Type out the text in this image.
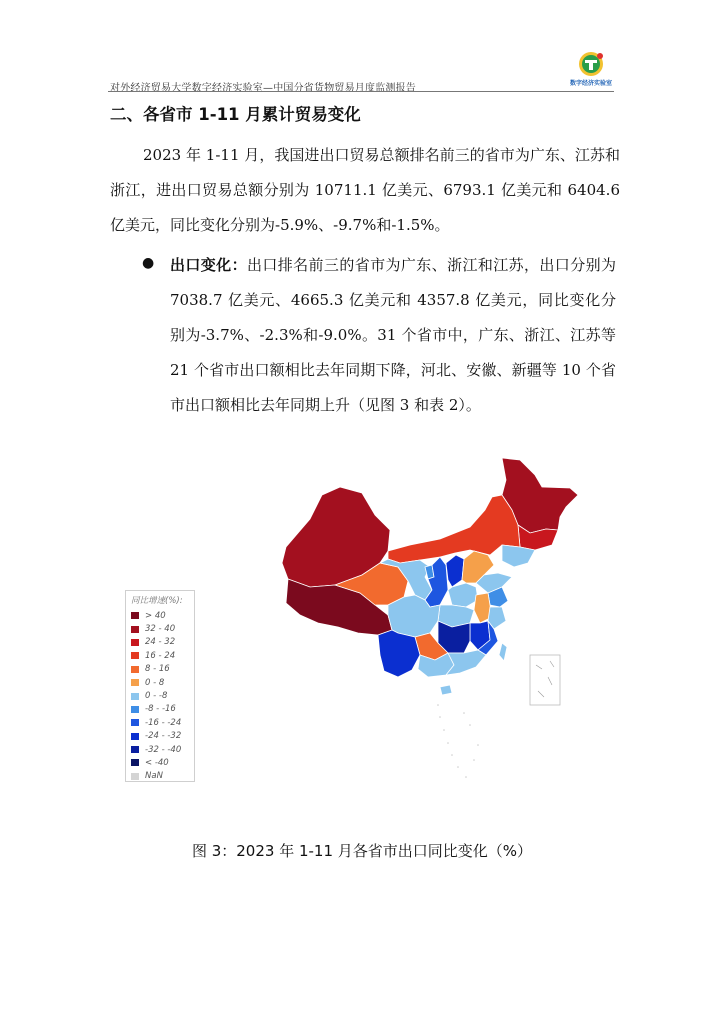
对外经济贸易大学数字经济实验室—中国分省货物贸易月度监测报告	数字经济实验室
二、各省市 1-11 月累计贸易变化

2023 年 1-11 月，我国进出口贸易总额排名前三的省市为广东、江苏和浙江，进出口贸易总额分别为 10711.1 亿美元、6793.1 亿美元和 6404.6 亿美元，同比变化分别为-5.9%、-9.7%和-1.5%。

● 出口变化：出口排名前三的省市为广东、浙江和江苏，出口分别为 7038.7 亿美元、4665.3 亿美元和 4357.8 亿美元，同比变化分别为-3.7%、-2.3%和-9.0%。31 个省市中，广东、浙江、江苏等 21 个省市出口额相比去年同期下降，河北、安徽、新疆等 10 个省市出口额相比去年同期上升（见图 3 和表 2）。

同比增速(%):
> 40
32 - 40
24 - 32
16 - 24
8 - 16
0 - 8
0 - -8
-8 - -16
-16 - -24
-24 - -32
-32 - -40
< -40
NaN
图 3：2023 年 1-11 月各省市出口同比变化（%）
